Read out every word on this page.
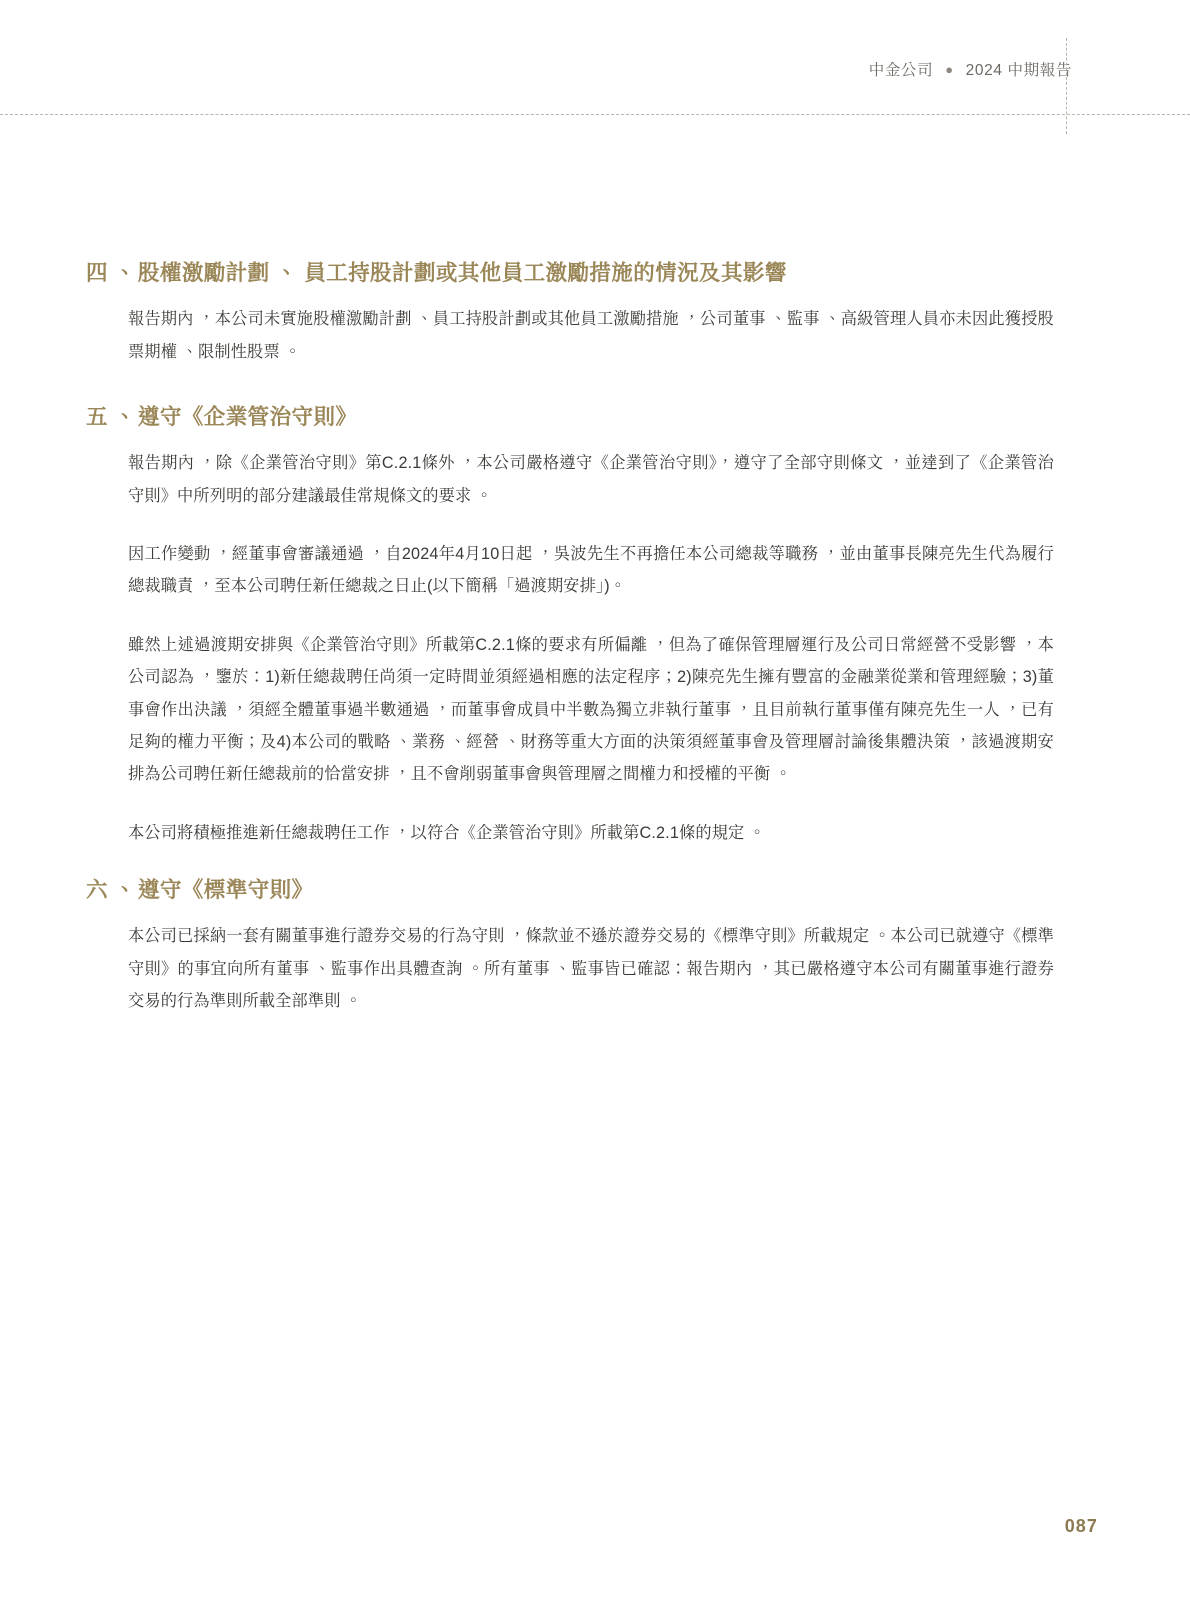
中金公司 ● 2024 中期報告
四 、股權激勵計劃 、 員工持股計劃或其他員工激勵措施的情況及其影響

報告期內 ，本公司未實施股權激勵計劃 、員工持股計劃或其他員工激勵措施 ，公司董事 、監事 、高級管理人員亦未因此獲授股票期權 、限制性股票 。

五 、遵守《企業管治守則》

報告期內 ，除《企業管治守則》第C.2.1條外 ，本公司嚴格遵守《企業管治守則》，遵守了全部守則條文 ，並達到了《企業管治守則》中所列明的部分建議最佳常規條文的要求 。

因工作變動 ，經董事會審議通過 ，自2024年4月10日起 ，吳波先生不再擔任本公司總裁等職務 ，並由董事長陳亮先生代為履行總裁職責 ，至本公司聘任新任總裁之日止(以下簡稱「過渡期安排」)。

雖然上述過渡期安排與《企業管治守則》所載第C.2.1條的要求有所偏離 ，但為了確保管理層運行及公司日常經營不受影響 ，本公司認為 ，鑒於：1)新任總裁聘任尚須一定時間並須經過相應的法定程序；2)陳亮先生擁有豐富的金融業從業和管理經驗；3)董事會作出決議 ，須經全體董事過半數通過 ，而董事會成員中半數為獨立非執行董事 ，且目前執行董事僅有陳亮先生一人 ，已有足夠的權力平衡；及4)本公司的戰略 、業務 、經營 、財務等重大方面的決策須經董事會及管理層討論後集體決策 ，該過渡期安排為公司聘任新任總裁前的恰當安排 ，且不會削弱董事會與管理層之間權力和授權的平衡 。

本公司將積極推進新任總裁聘任工作 ，以符合《企業管治守則》所載第C.2.1條的規定 。

六 、遵守《標準守則》

本公司已採納一套有關董事進行證券交易的行為守則 ，條款並不遜於證券交易的《標準守則》所載規定 。本公司已就遵守《標準守則》的事宜向所有董事 、監事作出具體查詢 。所有董事 、監事皆已確認：報告期內 ，其已嚴格遵守本公司有關董事進行證券交易的行為準則所載全部準則 。

087
